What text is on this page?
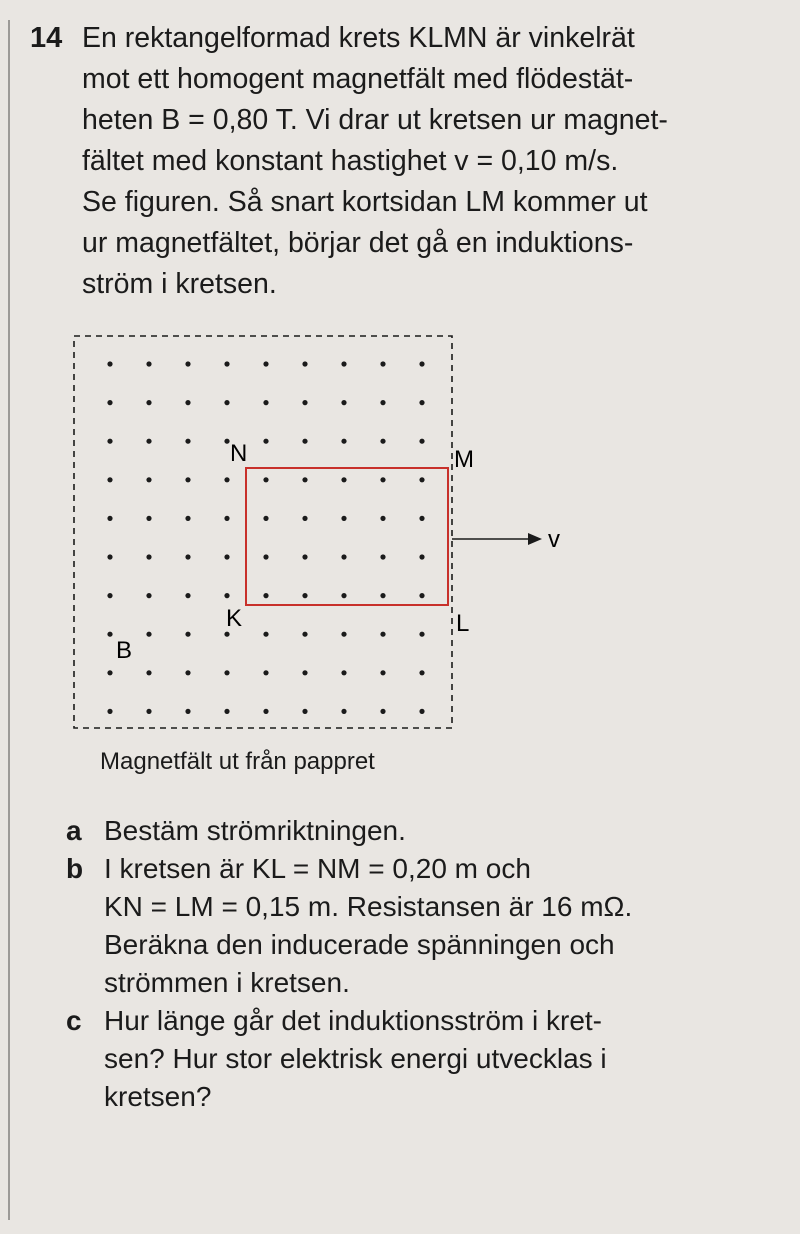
14 En rektangelformad krets KLMN är vinkelrät
mot ett homogent magnetfält med flödestät-
heten B = 0,80 T. Vi drar ut kretsen ur magnet-
fältet med konstant hastighet v = 0,10 m/s.
Se figuren. Så snart kortsidan LM kommer ut
ur magnetfältet, börjar det gå en induktions-
ström i kretsen.
N	M
K	L
B
v
Magnetfält ut från pappret
a Bestäm strömriktningen.
b I kretsen är KL = NM = 0,20 m och
KN = LM = 0,15 m. Resistansen är 16 mΩ.
Beräkna den inducerade spänningen och
strömmen i kretsen.
c Hur länge går det induktionsström i kret-
sen? Hur stor elektrisk energi utvecklas i
kretsen?
